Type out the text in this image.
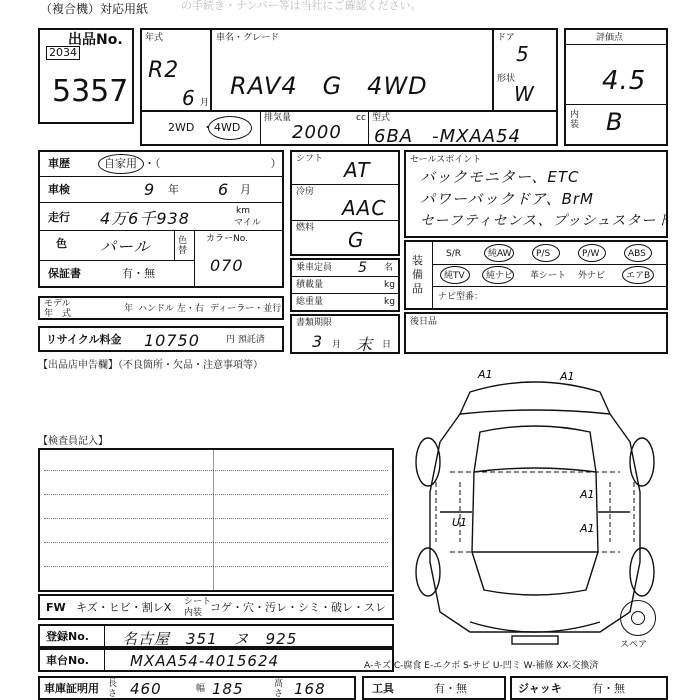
（複合機）対応用紙 　の手続き・ナンバー等は当社にご確認ください。
出品No.
2034
5357
年式
R2
6 月
車名・グレード
RAV4　G　4WD
ドア
5
形状
W
評価点
4.5
内装 B
2WD ・ 4WD
排気量	cc
2000
型式
6BA　-MXAA54
車歴	自家用 ・（　　　　　　　　　　）
車検	9 年 6 月
走行 4万6千938	km
マイル
色 パール	色替
カラーNo.
070
保証書	有・無
モデル
年　式	年 ハンドル 左・右 ディーラー・並行
リサイクル料金 10750	円 預託済
シフト AT
冷房
AAC
燃料 G
乗車定員 5 名
積載量	kg
総重量	kg
書類期限
3 月 末 日
セールスポイント
バックモニター、ETC
パワーバックドア、BrM
セーフティセンス、プッシュスタート
装備品
S/R	純AW	P/S	P/W	ABS
純TV 純ナビ 革シート 外ナビ エアB
ナビ型番：
後日品
【出品店申告欄】（不良箇所・欠品・注意事項等）
【検査員記入】
FW キズ・ヒビ・割レX シート
内装 コゲ・穴・汚レ・シミ・破レ・スレ
登録No. 名古屋　351　ヌ　925
車台No.	MXAA54-4015624
車庫証明用 長さ 460	幅 185	高さ 168	工具	有・無	ジャッキ	有・無
A-キズ C-腐食 E-エクボ S-サビ U-凹ミ W-補修 XX-交換済
A1	A1
A1
A1
U1
スペア
